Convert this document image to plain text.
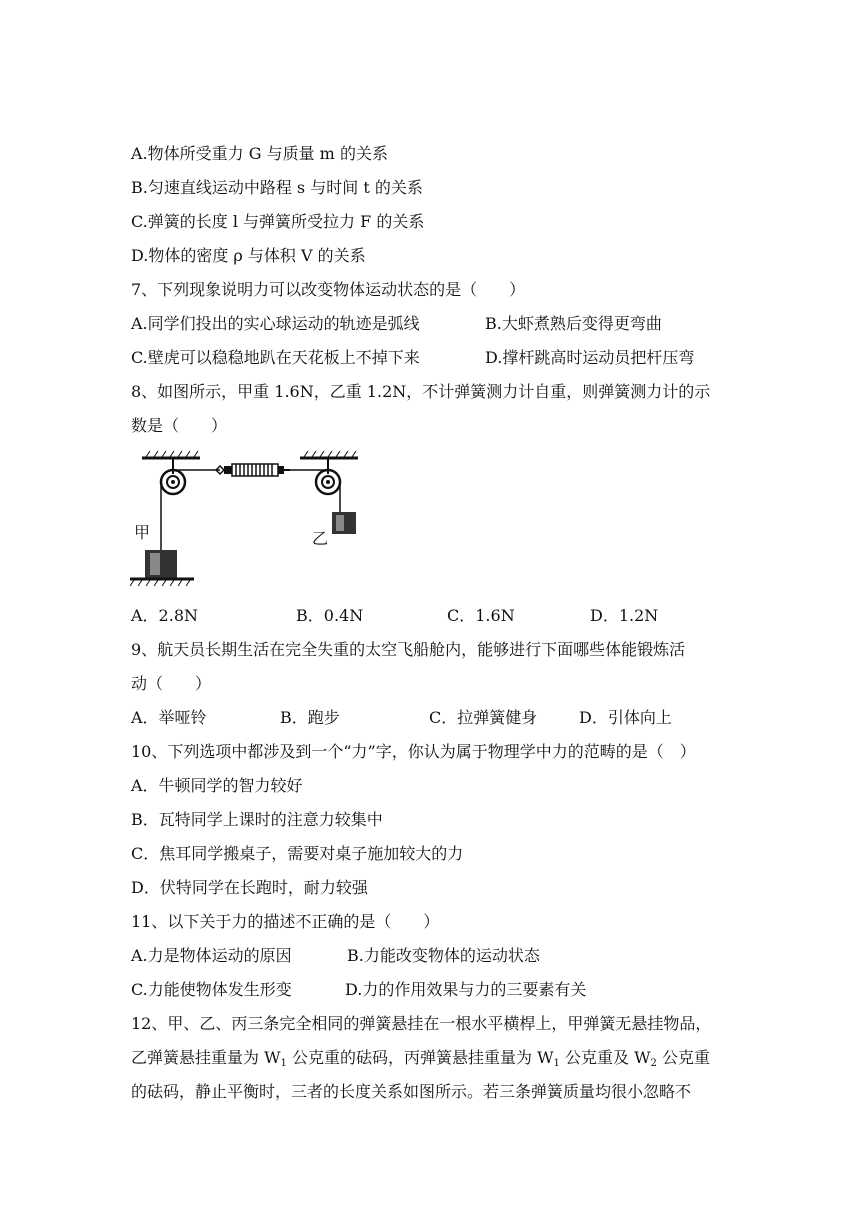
A.物体所受重力 G 与质量 m 的关系
B.匀速直线运动中路程 s 与时间 t 的关系
C.弹簧的长度 l 与弹簧所受拉力 F 的关系
D.物体的密度 ρ 与体积 V 的关系
7、下列现象说明力可以改变物体运动状态的是（　　）
A.同学们投出的实心球运动的轨迹是弧线	B.大虾煮熟后变得更弯曲
C.壁虎可以稳稳地趴在天花板上不掉下来	D.撑杆跳高时运动员把杆压弯
8、如图所示，甲重 1.6N，乙重 1.2N，不计弹簧测力计自重，则弹簧测力计的示
数是（　　）
甲	乙
A．2.8N	B．0.4N	C．1.6N	D．1.2N
9、航天员长期生活在完全失重的太空飞船舱内，能够进行下面哪些体能锻炼活
动（　　）
A．举哑铃	B．跑步	C．拉弹簧健身	D．引体向上
10、下列选项中都涉及到一个“力”字，你认为属于物理学中力的范畴的是（　）
A．牛顿同学的智力较好
B．瓦特同学上课时的注意力较集中
C．焦耳同学搬桌子，需要对桌子施加较大的力
D．伏特同学在长跑时，耐力较强
11、以下关于力的描述不正确的是（　　）
A.力是物体运动的原因	B.力能改变物体的运动状态
C.力能使物体发生形变	D.力的作用效果与力的三要素有关
12、甲、乙、丙三条完全相同的弹簧悬挂在一根水平横桿上，甲弹簧无悬挂物品，
乙弹簧悬挂重量为 $W_1$ 公克重的砝码，丙弹簧悬挂重量为 $W_1$ 公克重及 $W_2$ 公克重
的砝码，静止平衡时，三者的长度关系如图所示。若三条弹簧质量均很小忽略不
